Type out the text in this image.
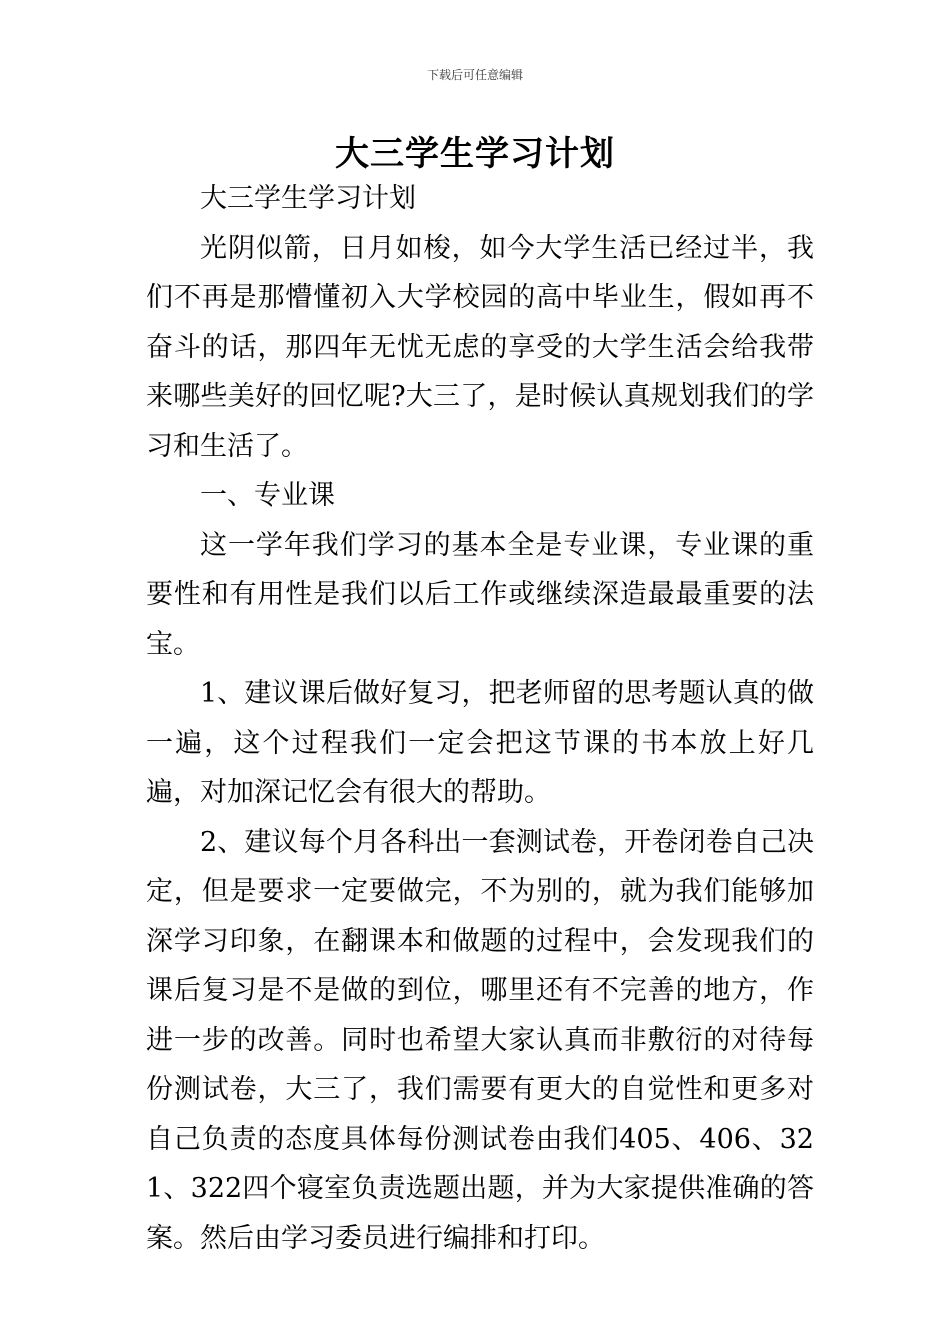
下载后可任意编辑
大三学生学习计划

大三学生学习计划

光阴似箭，日月如梭，如今大学生活已经过半，我们不再是那懵懂初入大学校园的高中毕业生，假如再不奋斗的话，那四年无忧无虑的享受的大学生活会给我带来哪些美好的回忆呢?大三了，是时候认真规划我们的学习和生活了。

一、专业课

这一学年我们学习的基本全是专业课，专业课的重要性和有用性是我们以后工作或继续深造最最重要的法宝。

1、建议课后做好复习，把老师留的思考题认真的做一遍，这个过程我们一定会把这节课的书本放上好几遍，对加深记忆会有很大的帮助。

2、建议每个月各科出一套测试卷，开卷闭卷自己决定，但是要求一定要做完，不为别的，就为我们能够加深学习印象，在翻课本和做题的过程中，会发现我们的课后复习是不是做的到位，哪里还有不完善的地方，作进一步的改善。同时也希望大家认真而非敷衍的对待每份测试卷，大三了，我们需要有更大的自觉性和更多对自己负责的态度具体每份测试卷由我们405、406、321、322四个寝室负责选题出题，并为大家提供准确的答案。然后由学习委员进行编排和打印。
